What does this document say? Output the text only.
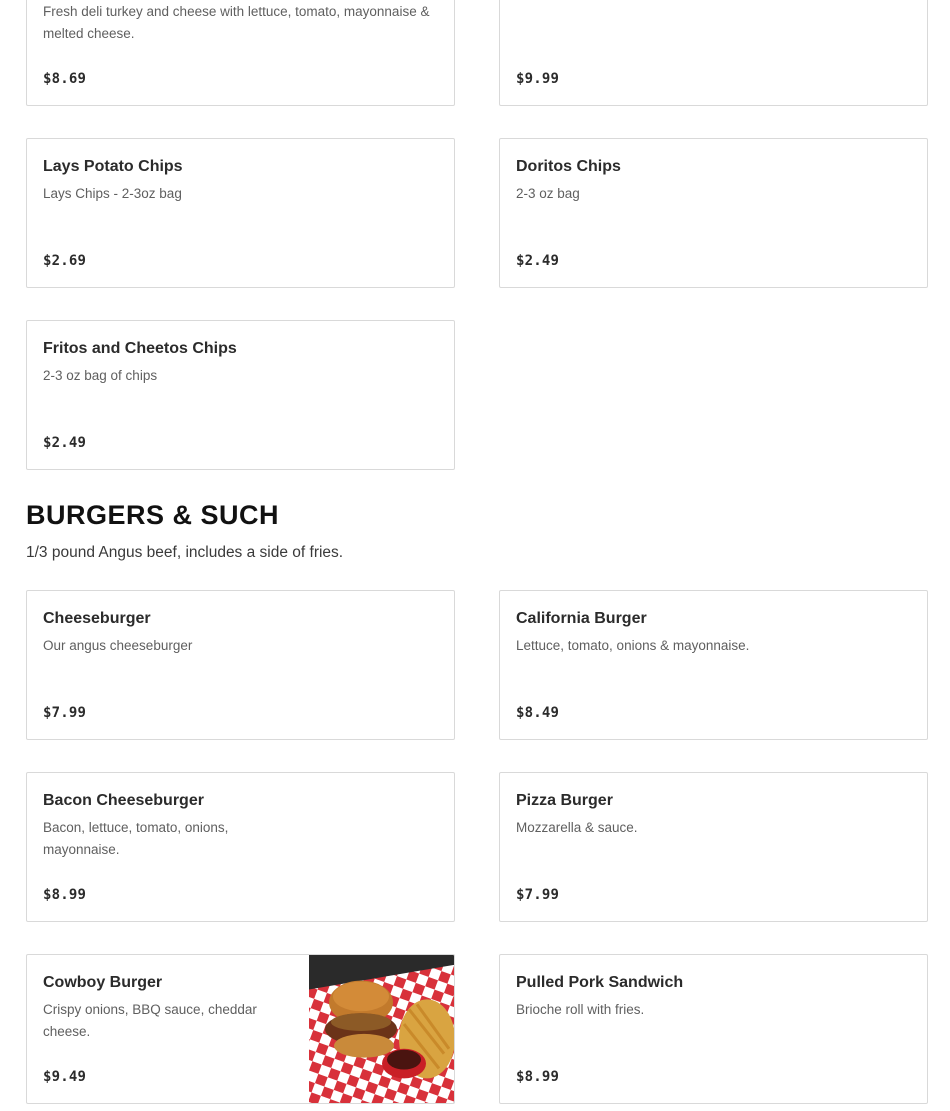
Fresh deli turkey and cheese with lettuce, tomato, mayonnaise & melted cheese.
$8.69	$9.99
Lays Potato Chips
Lays Chips - 2-3oz bag
$2.69
Doritos Chips
2-3 oz bag
$2.49
Fritos and Cheetos Chips
2-3 oz bag of chips
$2.49
BURGERS & SUCH
1/3 pound Angus beef, includes a side of fries.
Cheeseburger
Our angus cheeseburger
$7.99
California Burger
Lettuce, tomato, onions & mayonnaise.
$8.49
Bacon Cheeseburger
Bacon, lettuce, tomato, onions, mayonnaise.
$8.99
Pizza Burger
Mozzarella & sauce.
$7.99
Cowboy Burger
Crispy onions, BBQ sauce, cheddar cheese.
$9.49
Pulled Pork Sandwich
Brioche roll with fries.
$8.99
